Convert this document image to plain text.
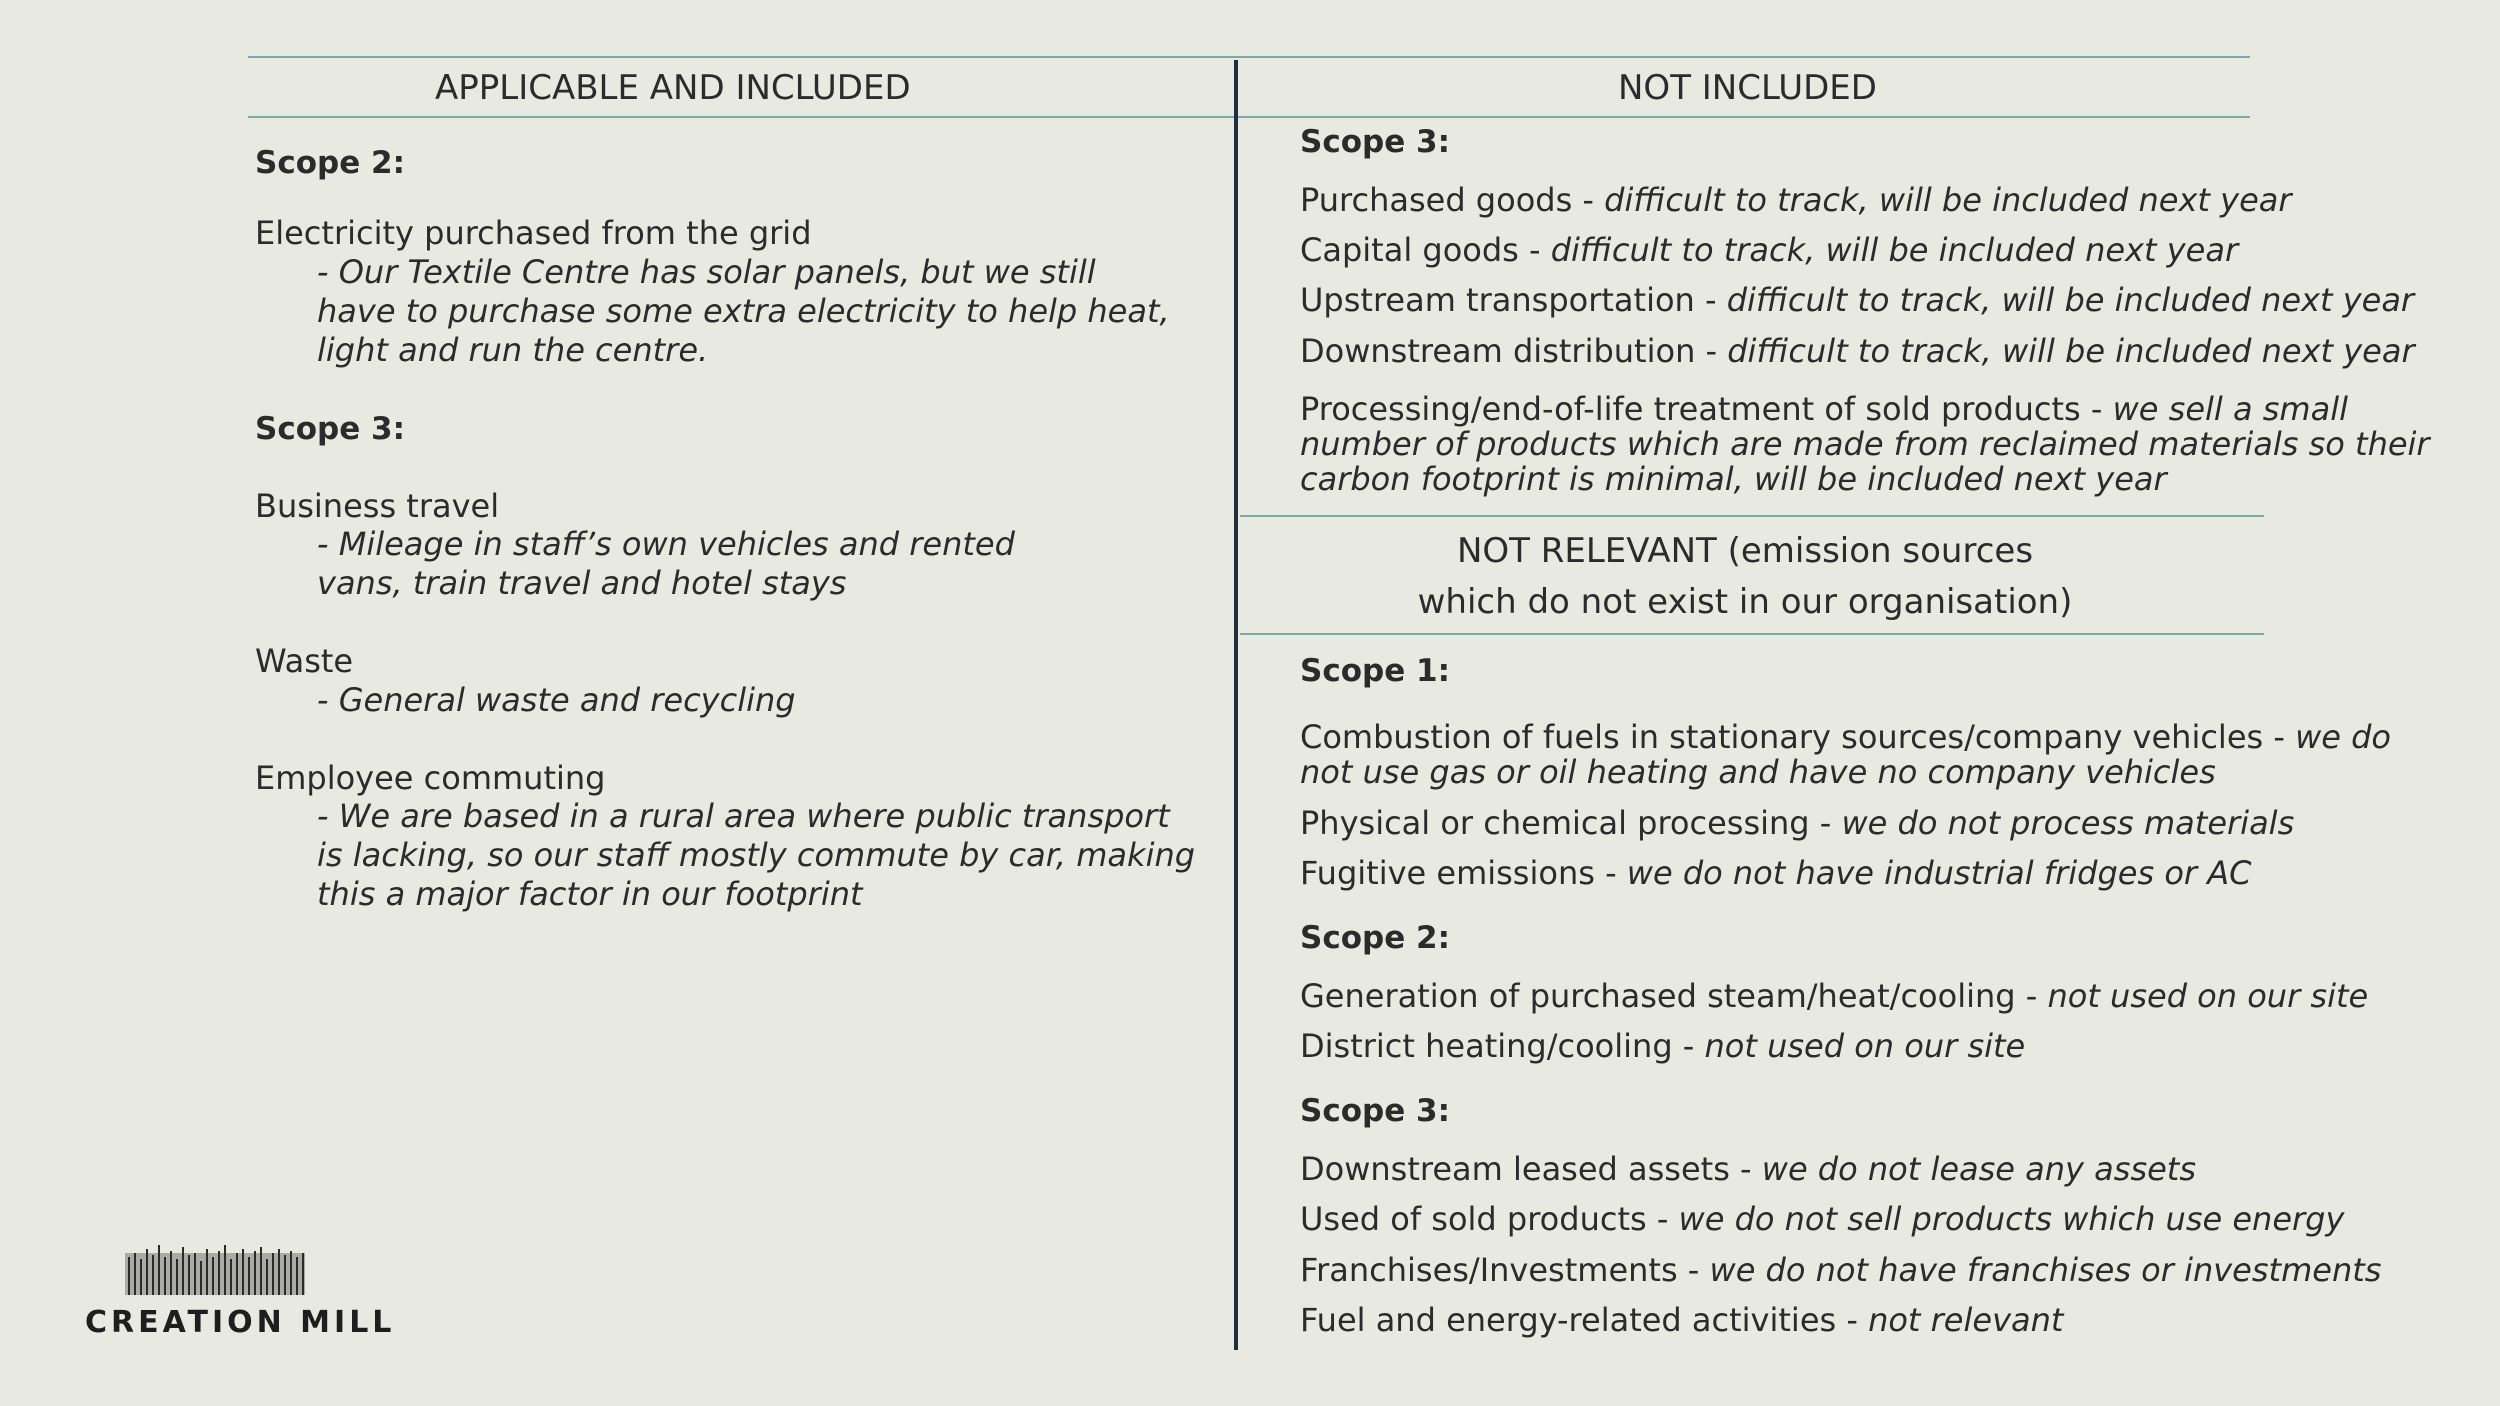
APPLICABLE AND INCLUDED	NOT INCLUDED
Scope 2:
Electricity purchased from the grid
- Our Textile Centre has solar panels, but we still
have to purchase some extra electricity to help heat,
light and run the centre.
Scope 3:
Business travel
- Mileage in staff’s own vehicles and rented
vans, train travel and hotel stays
Waste
- General waste and recycling
Employee commuting
- We are based in a rural area where public transport
is lacking, so our staff mostly commute by car, making
this a major factor in our footprint
Scope 3:
Purchased goods - difficult to track, will be included next year
Capital goods - difficult to track, will be included next year
Upstream transportation - difficult to track, will be included next year
Downstream distribution - difficult to track, will be included next year
Processing/end-of-life treatment of sold products - we sell a small
number of products which are made from reclaimed materials so their
carbon footprint is minimal, will be included next year
NOT RELEVANT (emission sources
which do not exist in our organisation)
Scope 1:
Combustion of fuels in stationary sources/company vehicles - we do
not use gas or oil heating and have no company vehicles
Physical or chemical processing - we do not process materials
Fugitive emissions - we do not have industrial fridges or AC
Scope 2:
Generation of purchased steam/heat/cooling - not used on our site
District heating/cooling - not used on our site
Scope 3:
Downstream leased assets - we do not lease any assets
Used of sold products - we do not sell products which use energy
Franchises/Investments - we do not have franchises or investments
Fuel and energy-related activities - not relevant
CREATION MILL
